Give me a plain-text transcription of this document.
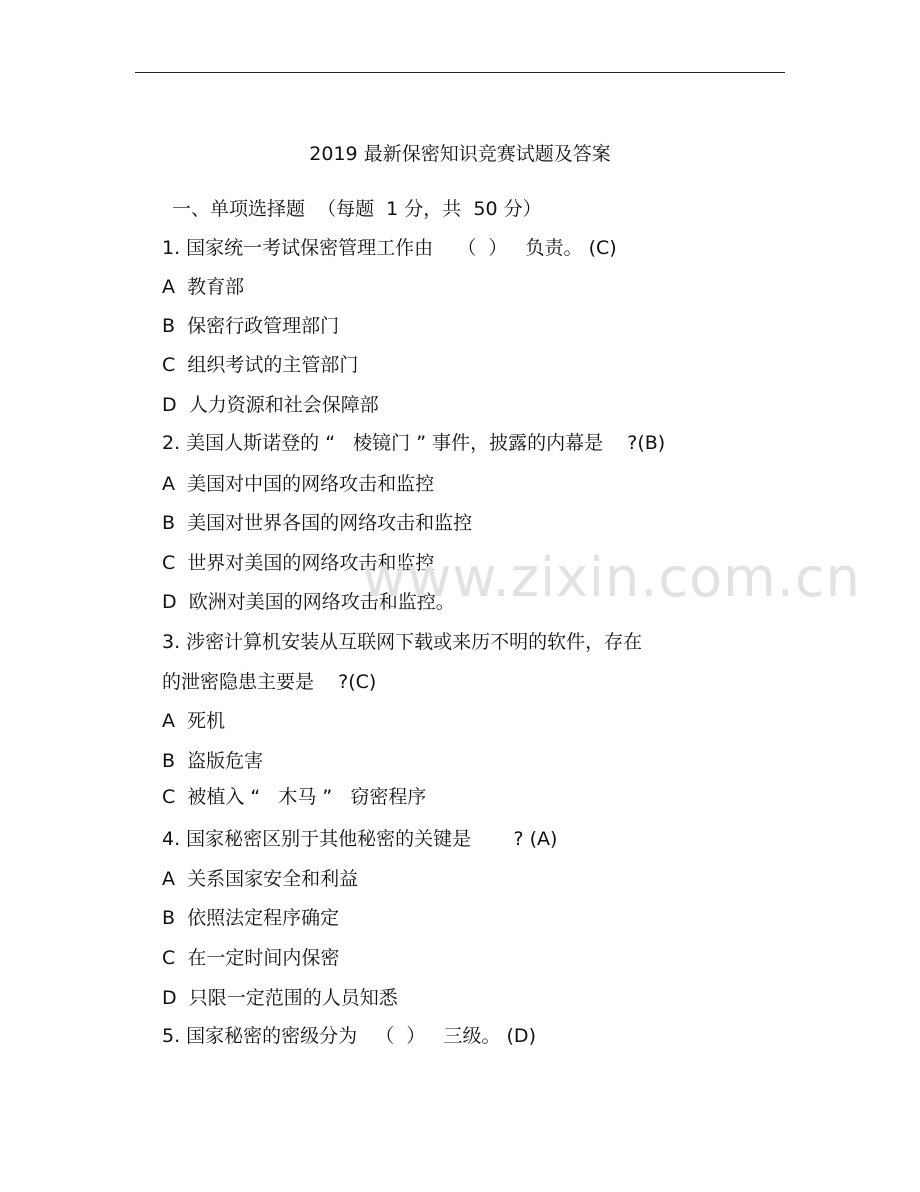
2019 最新保密知识竞赛试题及答案
一、单项选择题  （每题  1 分，共  50 分）
1. 国家统一考试保密管理工作由    （  ）   负责。 (C)
A  教育部
B  保密行政管理部门
C  组织考试的主管部门
D  人力资源和社会保障部
2. 美国人斯诺登的 “   棱镜门 ” 事件，披露的内幕是    ?(B)
A  美国对中国的网络攻击和监控
B  美国对世界各国的网络攻击和监控
C  世界对美国的网络攻击和监控
D  欧洲对美国的网络攻击和监控。
3. 涉密计算机安装从互联网下载或来历不明的软件，存在
的泄密隐患主要是    ?(C)
A  死机
B  盗版危害
C  被植入 “   木马 ”   窃密程序
4. 国家秘密区别于其他秘密的关键是       ? (A)
A  关系国家安全和利益
B  依照法定程序确定
C  在一定时间内保密
D  只限一定范围的人员知悉
5. 国家秘密的密级分为   （  ）   三级。 (D)
www.zixin.com.cn
